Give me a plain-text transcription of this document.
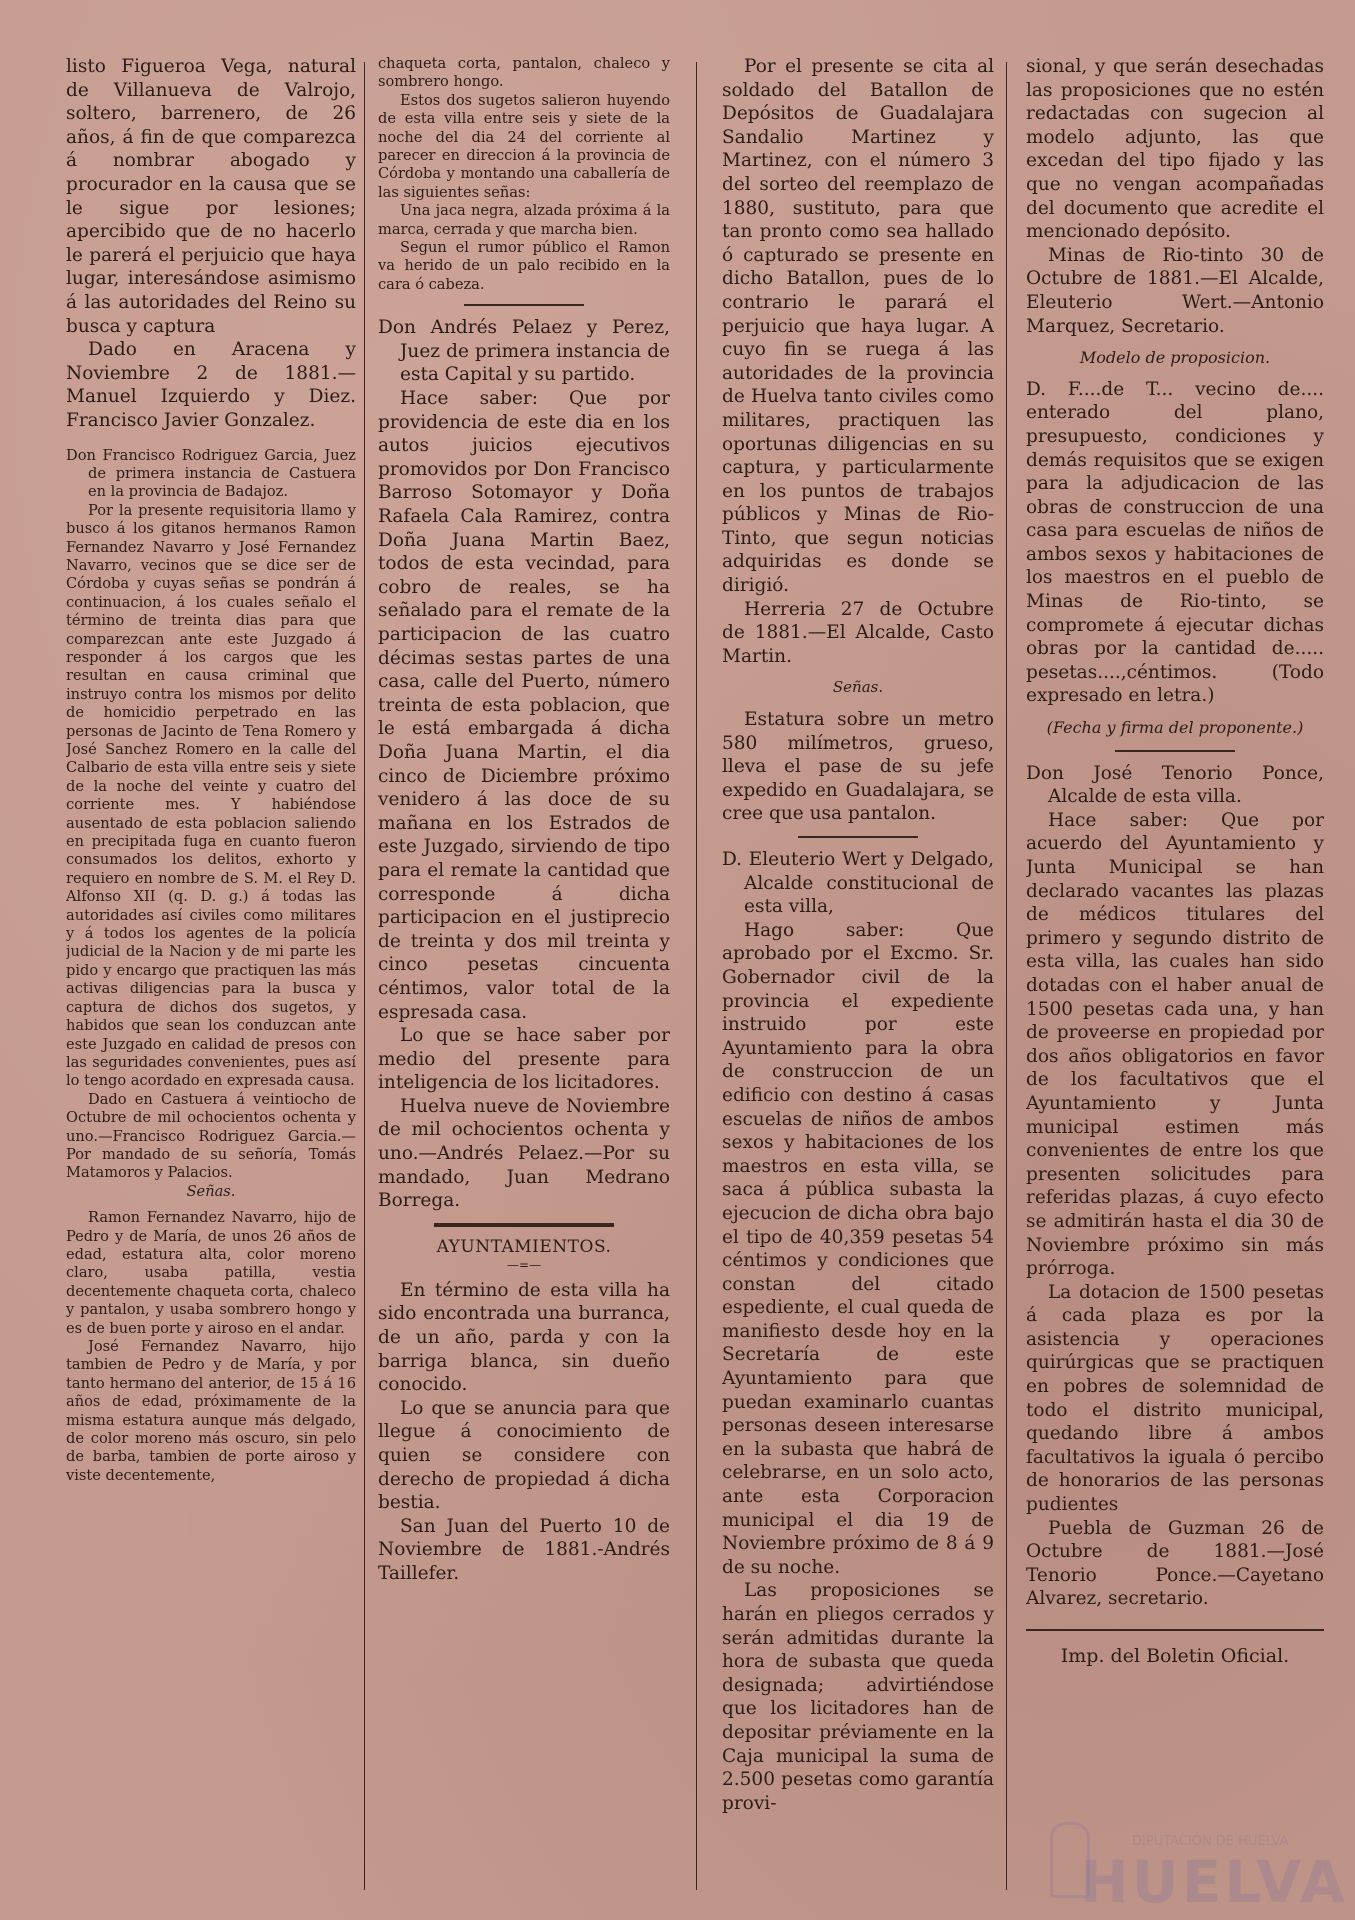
listo Figueroa Vega, natural de Villanueva de Valrojo, soltero, barrenero, de 26 años, á fin de que comparezca á nombrar abogado y procurador en la causa que se le sigue por lesiones; apercibido que de no hacerlo le parerá el perjuicio que haya lugar, interesándose asimismo á las autoridades del Reino su busca y captura

Dado en Aracena y Noviembre 2 de 1881.—Manuel Izquierdo y Diez. Francisco Javier Gonzalez.

Don Francisco Rodriguez Garcia, Juez de primera instancia de Castuera en la provincia de Badajoz.

Por la presente requisitoria llamo y busco á los gitanos hermanos Ramon Fernandez Navarro y José Fernandez Navarro, vecinos que se dice ser de Córdoba y cuyas señas se pondrán á continuacion, á los cuales señalo el término de treinta dias para que comparezcan ante este Juzgado á responder á los cargos que les resultan en causa criminal que instruyo contra los mismos por delito de homicidio perpetrado en las personas de Jacinto de Tena Romero y José Sanchez Romero en la calle del Calbario de esta villa entre seis y siete de la noche del veinte y cuatro del corriente mes. Y habiéndose ausentado de esta poblacion saliendo en precipitada fuga en cuanto fueron consumados los delitos, exhorto y requiero en nombre de S. M. el Rey D. Alfonso XII (q. D. g.) á todas las autoridades así civiles como militares y á todos los agentes de la policía judicial de la Nacion y de mi parte les pido y encargo que practiquen las más activas diligencias para la busca y captura de dichos dos sugetos, y habidos que sean los conduzcan ante este Juzgado en calidad de presos con las seguridades convenientes, pues así lo tengo acordado en expresada causa.

Dado en Castuera á veintiocho de Octubre de mil ochocientos ochenta y uno.—Francisco Rodriguez Garcia.—Por mandado de su señoría, Tomás Matamoros y Palacios.

Señas.

Ramon Fernandez Navarro, hijo de Pedro y de María, de unos 26 años de edad, estatura alta, color moreno claro, usaba patilla, vestia decentemente chaqueta corta, chaleco y pantalon, y usaba sombrero hongo y es de buen porte y airoso en el andar.

José Fernandez Navarro, hijo tambien de Pedro y de María, y por tanto hermano del anterior, de 15 á 16 años de edad, próximamente de la misma estatura aunque más delgado, de color moreno más oscuro, sin pelo de barba, tambien de porte airoso y viste decentemente,

chaqueta corta, pantalon, chaleco y sombrero hongo.

Estos dos sugetos salieron huyendo de esta villa entre seis y siete de la noche del dia 24 del corriente al parecer en direccion á la provincia de Córdoba y montando una caballería de las siguientes señas:

Una jaca negra, alzada próxima á la marca, cerrada y que marcha bien.

Segun el rumor público el Ramon va herido de un palo recibido en la cara ó cabeza.

Don Andrés Pelaez y Perez, Juez de primera instancia de esta Capital y su partido.

Hace saber: Que por providencia de este dia en los autos juicios ejecutivos promovidos por Don Francisco Barroso Sotomayor y Doña Rafaela Cala Ramirez, contra Doña Juana Martin Baez, todos de esta vecindad, para cobro de reales, se ha señalado para el remate de la participacion de las cuatro décimas sestas partes de una casa, calle del Puerto, número treinta de esta poblacion, que le está embargada á dicha Doña Juana Martin, el dia cinco de Diciembre próximo venidero á las doce de su mañana en los Estrados de este Juzgado, sirviendo de tipo para el remate la cantidad que corresponde á dicha participacion en el justiprecio de treinta y dos mil treinta y cinco pesetas cincuenta céntimos, valor total de la espresada casa.

Lo que se hace saber por medio del presente para inteligencia de los licitadores.

Huelva nueve de Noviembre de mil ochocientos ochenta y uno.—Andrés Pelaez.—Por su mandado, Juan Medrano Borrega.

AYUNTAMIENTOS.
—=—

En término de esta villa ha sido encontrada una burranca, de un año, parda y con la barriga blanca, sin dueño conocido.

Lo que se anuncia para que llegue á conocimiento de quien se considere con derecho de propiedad á dicha bestia.

San Juan del Puerto 10 de Noviembre de 1881.-Andrés Taillefer.

Por el presente se cita al soldado del Batallon de Depósitos de Guadalajara Sandalio Martinez y Martinez, con el número 3 del sorteo del reemplazo de 1880, sustituto, para que tan pronto como sea hallado ó capturado se presente en dicho Batallon, pues de lo contrario le parará el perjuicio que haya lugar. A cuyo fin se ruega á las autoridades de la provincia de Huelva tanto civiles como militares, practiquen las oportunas diligencias en su captura, y particularmente en los puntos de trabajos públicos y Minas de Rio-Tinto, que segun noticias adquiridas es donde se dirigió.

Herreria 27 de Octubre de 1881.—El Alcalde, Casto Martin.

Señas.

Estatura sobre un metro 580 milímetros, grueso, lleva el pase de su jefe expedido en Guadalajara, se cree que usa pantalon.

D. Eleuterio Wert y Delgado, Alcalde constitucional de esta villa,

Hago saber: Que aprobado por el Excmo. Sr. Gobernador civil de la provincia el expediente instruido por este Ayuntamiento para la obra de construccion de un edificio con destino á casas escuelas de niños de ambos sexos y habitaciones de los maestros en esta villa, se saca á pública subasta la ejecucion de dicha obra bajo el tipo de 40,359 pesetas 54 céntimos y condiciones que constan del citado espediente, el cual queda de manifiesto desde hoy en la Secretaría de este Ayuntamiento para que puedan examinarlo cuantas personas deseen interesarse en la subasta que habrá de celebrarse, en un solo acto, ante esta Corporacion municipal el dia 19 de Noviembre próximo de 8 á 9 de su noche.

Las proposiciones se harán en pliegos cerrados y serán admitidas durante la hora de subasta que queda designada; advirtiéndose que los licitadores han de depositar préviamente en la Caja municipal la suma de 2.500 pesetas como garantía provi-

sional, y que serán desechadas las proposiciones que no estén redactadas con sugecion al modelo adjunto, las que excedan del tipo fijado y las que no vengan acompañadas del documento que acredite el mencionado depósito.

Minas de Rio-tinto 30 de Octubre de 1881.—El Alcalde, Eleuterio Wert.—Antonio Marquez, Secretario.

Modelo de proposicion.

D. F....de T... vecino de.... enterado del plano, presupuesto, condiciones y demás requisitos que se exigen para la adjudicacion de las obras de construccion de una casa para escuelas de niños de ambos sexos y habitaciones de los maestros en el pueblo de Minas de Rio-tinto, se compromete á ejecutar dichas obras por la cantidad de..... pesetas....,céntimos. (Todo expresado en letra.)

(Fecha y firma del proponente.)

Don José Tenorio Ponce, Alcalde de esta villa.

Hace saber: Que por acuerdo del Ayuntamiento y Junta Municipal se han declarado vacantes las plazas de médicos titulares del primero y segundo distrito de esta villa, las cuales han sido dotadas con el haber anual de 1500 pesetas cada una, y han de proveerse en propiedad por dos años obligatorios en favor de los facultativos que el Ayuntamiento y Junta municipal estimen más convenientes de entre los que presenten solicitudes para referidas plazas, á cuyo efecto se admitirán hasta el dia 30 de Noviembre próximo sin más prórroga.

La dotacion de 1500 pesetas á cada plaza es por la asistencia y operaciones quirúrgicas que se practiquen en pobres de solemnidad de todo el distrito municipal, quedando libre á ambos facultativos la iguala ó percibo de honorarios de las personas pudientes

Puebla de Guzman 26 de Octubre de 1881.—José Tenorio Ponce.—Cayetano Alvarez, secretario.

Imp. del Boletin Oficial.
DIPUTACIÓN DE HUELVA
HUELVA
